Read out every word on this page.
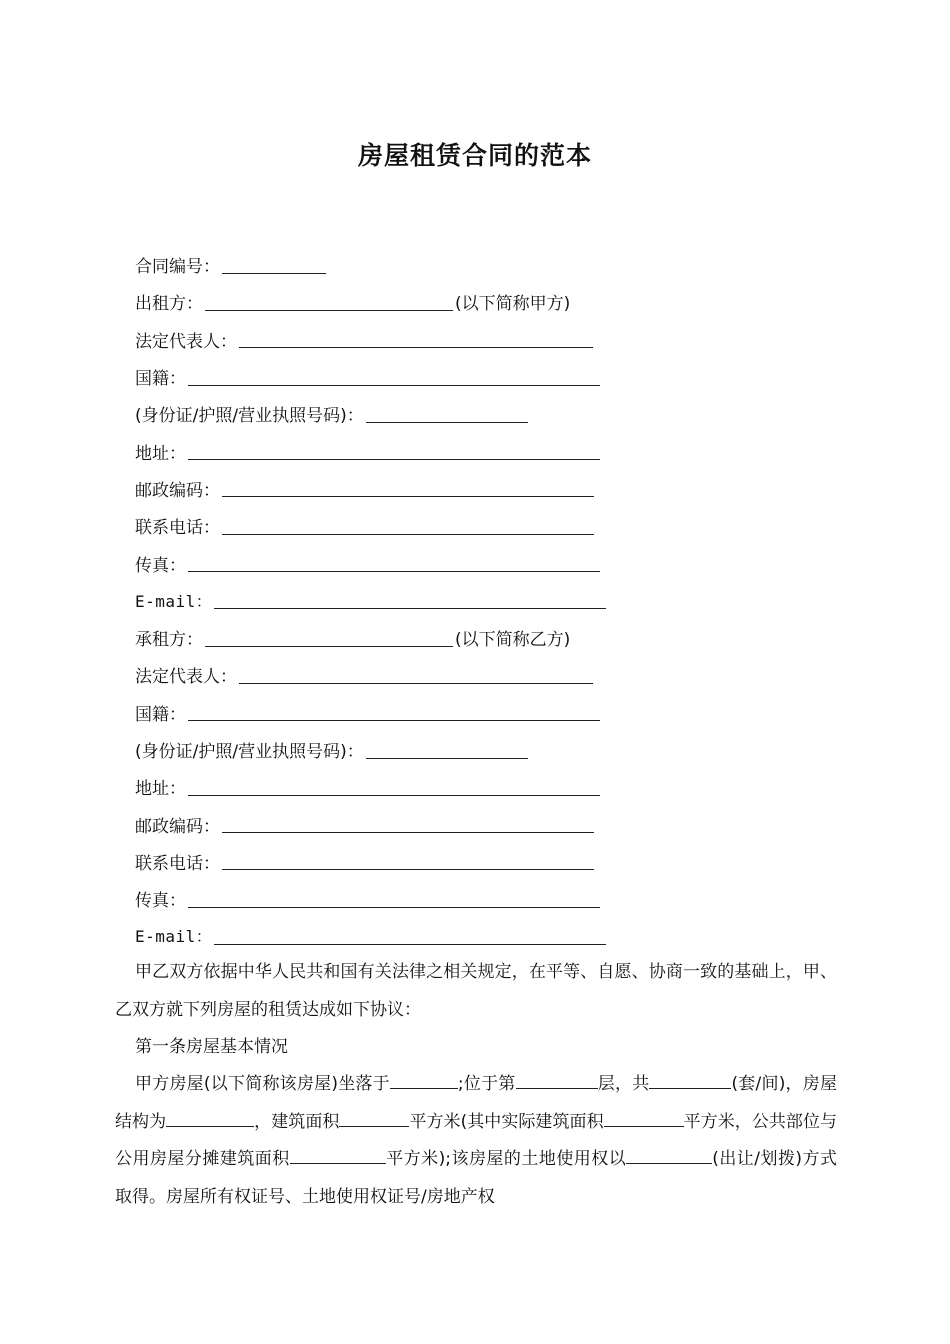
房屋租赁合同的范本
合同编号：
出租方：	(以下简称甲方)
法定代表人：
国籍：
(身份证/护照/营业执照号码)：
地址：
邮政编码：
联系电话：
传真：
E-mail：
承租方：	(以下简称乙方)
法定代表人：
国籍：
(身份证/护照/营业执照号码)：
地址：
邮政编码：
联系电话：
传真：
E-mail：
甲乙双方依据中华人民共和国有关法律之相关规定，在平等、自愿、协商一致的基础上，甲、乙双方就下列房屋的租赁达成如下协议：
第一条房屋基本情况
甲方房屋(以下简称该房屋)坐落于	;位于第	层，共	(套/间)，房屋结构为	，建筑面积	平方米(其中实际建筑面积	平方米，公共部位与公用房屋分摊建筑面积	平方米);该房屋的土地使用权以	(出让/划拨)方式取得。房屋所有权证号、土地使用权证号/房地产权
